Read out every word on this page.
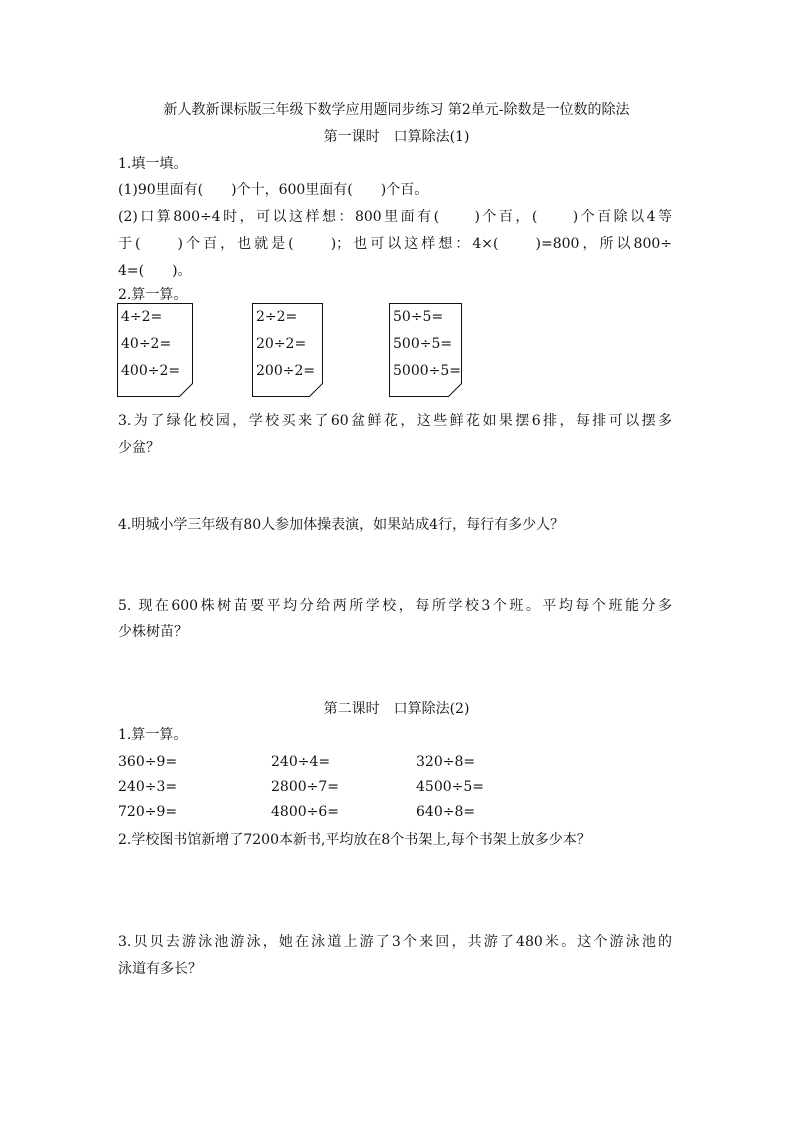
新人教新课标版三年级下数学应用题同步练习 第2单元-除数是一位数的除法
第一课时　口算除法(1)
1.填一填。
(1)90里面有(　　)个十，600里面有(　　)个百。
(2)口算800÷4时，可以这样想：800里面有(　　)个百，(　　)个百除以4等
于(　　)个百，也就是(　　)；也可以这样想：4×(　　)=800，所以800÷
4=(　　)。
2.算一算。
4÷2=
40÷2=
400÷2=
2÷2=
20÷2=
200÷2=
50÷5=
500÷5=
5000÷5=
3.为了绿化校园，学校买来了60盆鲜花，这些鲜花如果摆6排，每排可以摆多
少盆？
4.明城小学三年级有80人参加体操表演，如果站成4行，每行有多少人？
5. 现在600株树苗要平均分给两所学校，每所学校3个班。平均每个班能分多
少株树苗？
第二课时　口算除法(2)
1.算一算。
360÷9=	240÷4=	320÷8=
240÷3=	2800÷7=	4500÷5=
720÷9=	4800÷6=	640÷8=
2.学校图书馆新增了7200本新书,平均放在8个书架上,每个书架上放多少本？
3.贝贝去游泳池游泳，她在泳道上游了3个来回，共游了480米。这个游泳池的
泳道有多长？
